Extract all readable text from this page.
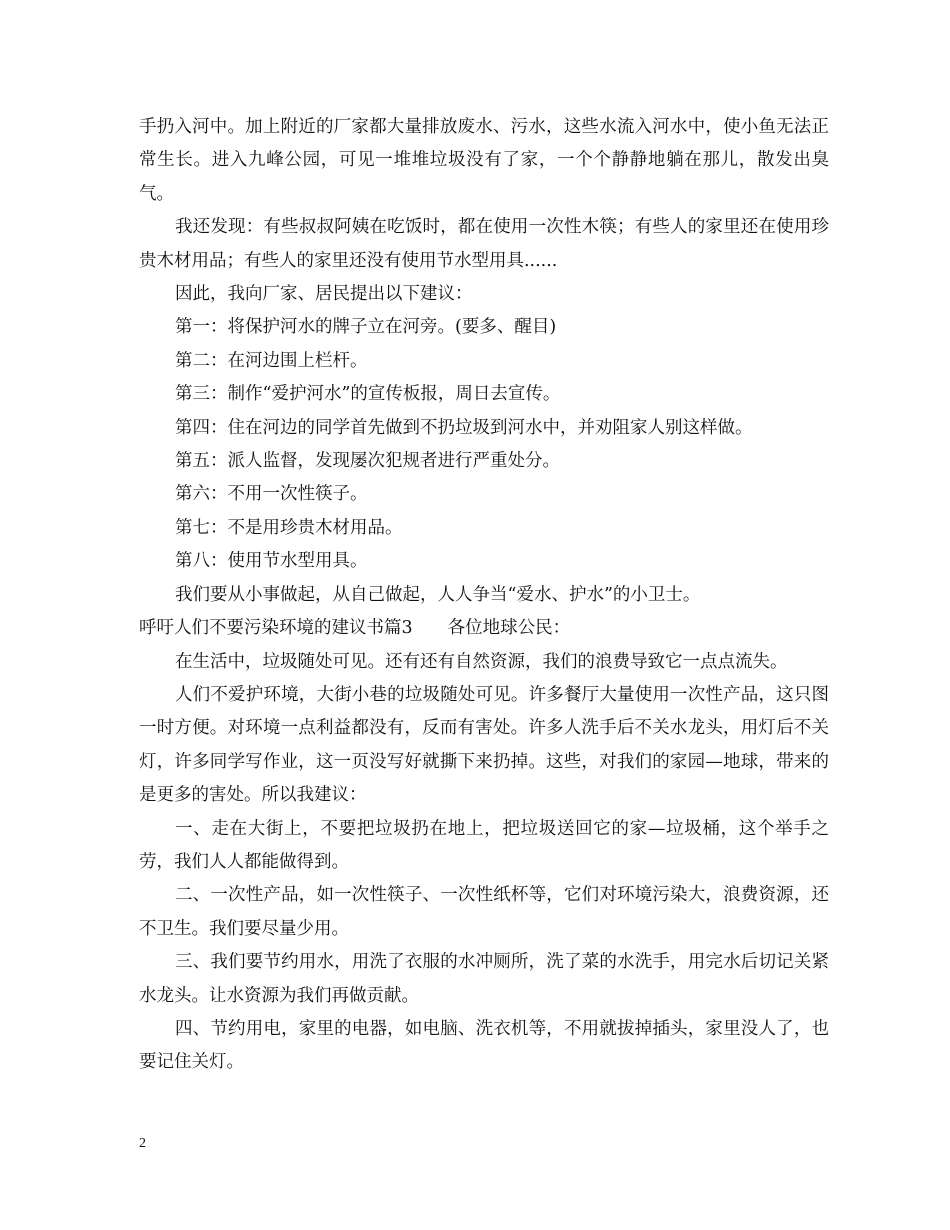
手扔入河中。加上附近的厂家都大量排放废水、污水，这些水流入河水中，使小鱼无法正常生长。进入九峰公园，可见一堆堆垃圾没有了家，一个个静静地躺在那儿，散发出臭气。

我还发现：有些叔叔阿姨在吃饭时，都在使用一次性木筷；有些人的家里还在使用珍贵木材用品；有些人的家里还没有使用节水型用具......

因此，我向厂家、居民提出以下建议：

第一：将保护河水的牌子立在河旁。(要多、醒目)

第二：在河边围上栏杆。

第三：制作“爱护河水”的宣传板报，周日去宣传。

第四：住在河边的同学首先做到不扔垃圾到河水中，并劝阻家人别这样做。

第五：派人监督，发现屡次犯规者进行严重处分。

第六：不用一次性筷子。

第七：不是用珍贵木材用品。

第八：使用节水型用具。

我们要从小事做起，从自己做起，人人争当“爱水、护水”的小卫士。

呼吁人们不要污染环境的建议书篇3　　各位地球公民：

在生活中，垃圾随处可见。还有还有自然资源，我们的浪费导致它一点点流失。

人们不爱护环境，大街小巷的垃圾随处可见。许多餐厅大量使用一次性产品，这只图一时方便。对环境一点利益都没有，反而有害处。许多人洗手后不关水龙头，用灯后不关灯，许多同学写作业，这一页没写好就撕下来扔掉。这些，对我们的家园—地球，带来的是更多的害处。所以我建议：

一、走在大街上，不要把垃圾扔在地上，把垃圾送回它的家—垃圾桶，这个举手之劳，我们人人都能做得到。

二、一次性产品，如一次性筷子、一次性纸杯等，它们对环境污染大，浪费资源，还不卫生。我们要尽量少用。

三、我们要节约用水，用洗了衣服的水冲厕所，洗了菜的水洗手，用完水后切记关紧水龙头。让水资源为我们再做贡献。

四、节约用电，家里的电器，如电脑、洗衣机等，不用就拔掉插头，家里没人了，也要记住关灯。

2
